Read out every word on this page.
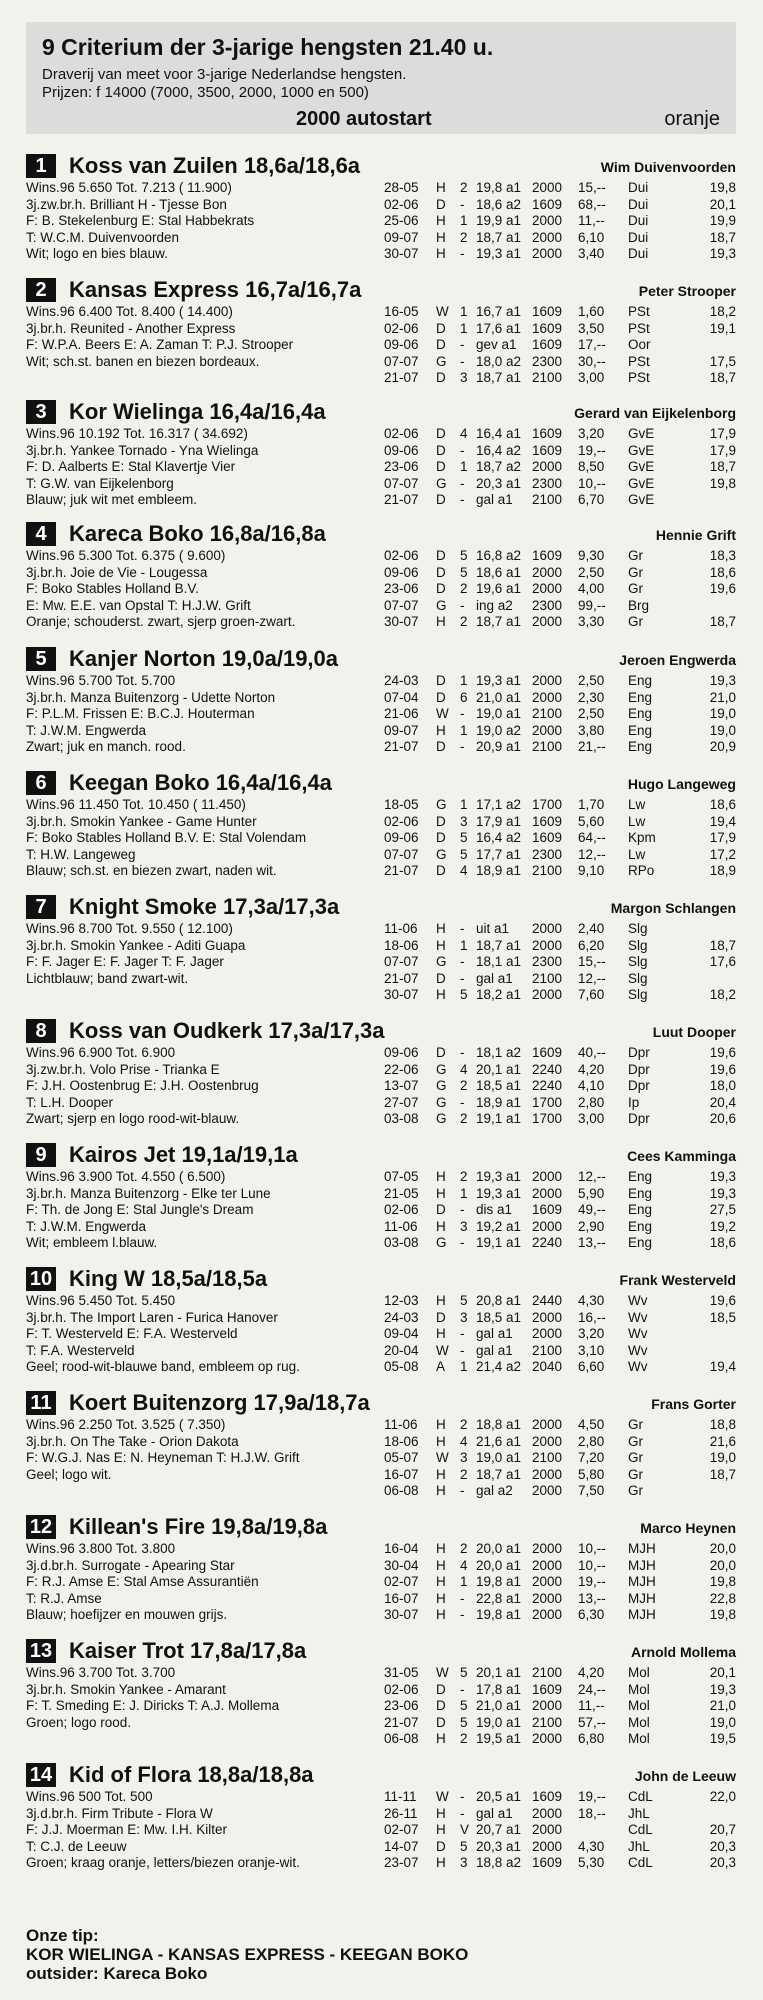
9 Criterium der 3-jarige hengsten 21.40 u.
Draverij van meet voor 3-jarige Nederlandse hengsten.
Prijzen: f 14000 (7000, 3500, 2000, 1000 en 500)
2000 autostart	oranje
1	Koss van Zuilen 18,6a/18,6a	Wim Duivenvoorden
Wins.96 5.650 Tot. 7.213 ( 11.900)
3j.zw.br.h. Brilliant H - Tjesse Bon
F: B. Stekelenburg E: Stal Habbekrats
T: W.C.M. Duivenvoorden
Wit; logo en bies blauw.
28-05 H 2 19,8 a1 2000 15,-- Dui	19,8
02-06 D - 18,6 a2 1609 68,-- Dui	20,1
25-06 H 1 19,9 a1 2000 11,-- Dui	19,9
09-07 H 2 18,7 a1 2000 6,10 Dui	18,7
30-07 H - 19,3 a1 2000 3,40 Dui	19,3
2	Kansas Express 16,7a/16,7a	Peter Strooper
Wins.96 6.400 Tot. 8.400 ( 14.400)
3j.br.h. Reunited - Another Express
F: W.P.A. Beers E: A. Zaman T: P.J. Strooper
Wit; sch.st. banen en biezen bordeaux.
16-05 W 1 16,7 a1 1609 1,60 PSt	18,2
02-06 D 1 17,6 a1 1609 3,50 PSt	19,1
09-06 D - gev a1 1609 17,-- Oor
07-07 G - 18,0 a2 2300 30,-- PSt	17,5
21-07 D 3 18,7 a1 2100 3,00 PSt	18,7
3	Kor Wielinga 16,4a/16,4a	Gerard van Eijkelenborg
Wins.96 10.192 Tot. 16.317 ( 34.692)
3j.br.h. Yankee Tornado - Yna Wielinga
F: D. Aalberts E: Stal Klavertje Vier
T: G.W. van Eijkelenborg
Blauw; juk wit met embleem.
02-06 D 4 16,4 a1 1609 3,20 GvE	17,9
09-06 D - 16,4 a2 1609 19,-- GvE	17,9
23-06 D 1 18,7 a2 2000 8,50 GvE	18,7
07-07 G - 20,3 a1 2300 10,-- GvE	19,8
21-07 D - gal a1 2100 6,70 GvE
4	Kareca Boko 16,8a/16,8a	Hennie Grift
Wins.96 5.300 Tot. 6.375 ( 9.600)
3j.br.h. Joie de Vie - Lougessa
F: Boko Stables Holland B.V.
E: Mw. E.E. van Opstal T: H.J.W. Grift
Oranje; schouderst. zwart, sjerp groen-zwart.
02-06 D 5 16,8 a2 1609 9,30 Gr	18,3
09-06 D 5 18,6 a1 2000 2,50 Gr	18,6
23-06 D 2 19,6 a1 2000 4,00 Gr	19,6
07-07 G - ing a2 2300 99,-- Brg
30-07 H 2 18,7 a1 2000 3,30 Gr	18,7
5	Kanjer Norton 19,0a/19,0a	Jeroen Engwerda
Wins.96 5.700 Tot. 5.700
3j.br.h. Manza Buitenzorg - Udette Norton
F: P.L.M. Frissen E: B.C.J. Houterman
T: J.W.M. Engwerda
Zwart; juk en manch. rood.
24-03 D 1 19,3 a1 2000 2,50 Eng	19,3
07-04 D 6 21,0 a1 2000 2,30 Eng	21,0
21-06 W - 19,0 a1 2100 2,50 Eng	19,0
09-07 H 1 19,0 a2 2000 3,80 Eng	19,0
21-07 D - 20,9 a1 2100 21,-- Eng	20,9
6	Keegan Boko 16,4a/16,4a	Hugo Langeweg
Wins.96 11.450 Tot. 10.450 ( 11.450)
3j.br.h. Smokin Yankee - Game Hunter
F: Boko Stables Holland B.V. E: Stal Volendam
T: H.W. Langeweg
Blauw; sch.st. en biezen zwart, naden wit.
18-05 G 1 17,1 a2 1700 1,70 Lw	18,6
02-06 D 3 17,9 a1 1609 5,60 Lw	19,4
09-06 D 5 16,4 a2 1609 64,-- Kpm	17,9
07-07 G 5 17,7 a1 2300 12,-- Lw	17,2
21-07 D 4 18,9 a1 2100 9,10 RPo	18,9
7	Knight Smoke 17,3a/17,3a	Margon Schlangen
Wins.96 8.700 Tot. 9.550 ( 12.100)
3j.br.h. Smokin Yankee - Aditi Guapa
F: F. Jager E: F. Jager T: F. Jager
Lichtblauw; band zwart-wit.
11-06 H - uit a1 2000 2,40 Slg
18-06 H 1 18,7 a1 2000 6,20 Slg	18,7
07-07 G - 18,1 a1 2300 15,-- Slg	17,6
21-07 D - gal a1 2100 12,-- Slg
30-07 H 5 18,2 a1 2000 7,60 Slg	18,2
8	Koss van Oudkerk 17,3a/17,3a	Luut Dooper
Wins.96 6.900 Tot. 6.900
3j.zw.br.h. Volo Prise - Trianka E
F: J.H. Oostenbrug E: J.H. Oostenbrug
T: L.H. Dooper
Zwart; sjerp en logo rood-wit-blauw.
09-06 D - 18,1 a2 1609 40,-- Dpr	19,6
22-06 G 4 20,1 a1 2240 4,20 Dpr	19,6
13-07 G 2 18,5 a1 2240 4,10 Dpr	18,0
27-07 G - 18,9 a1 1700 2,80 Ip	20,4
03-08 G 2 19,1 a1 1700 3,00 Dpr	20,6
9	Kairos Jet 19,1a/19,1a	Cees Kamminga
Wins.96 3.900 Tot. 4.550 ( 6.500)
3j.br.h. Manza Buitenzorg - Elke ter Lune
F: Th. de Jong E: Stal Jungle's Dream
T: J.W.M. Engwerda
Wit; embleem l.blauw.
07-05 H 2 19,3 a1 2000 12,-- Eng	19,3
21-05 H 1 19,3 a1 2000 5,90 Eng	19,3
02-06 D - dis a1 1609 49,-- Eng	27,5
11-06 H 3 19,2 a1 2000 2,90 Eng	19,2
03-08 G - 19,1 a1 2240 13,-- Eng	18,6
10 King W 18,5a/18,5a	Frank Westerveld
Wins.96 5.450 Tot. 5.450
3j.br.h. The Import Laren - Furica Hanover
F: T. Westerveld E: F.A. Westerveld
T: F.A. Westerveld
Geel; rood-wit-blauwe band, embleem op rug.
12-03 H 5 20,8 a1 2440 4,30 Wv	19,6
24-03 D 3 18,5 a1 2000 16,-- Wv	18,5
09-04 H - gal a1 2000 3,20 Wv
20-04 W - gal a1 2100 3,10 Wv
05-08 A 1 21,4 a2 2040 6,60 Wv	19,4
11 Koert Buitenzorg 17,9a/18,7a	Frans Gorter
Wins.96 2.250 Tot. 3.525 ( 7.350)
3j.br.h. On The Take - Orion Dakota
F: W.G.J. Nas E: N. Heyneman T: H.J.W. Grift
Geel; logo wit.
11-06 H 2 18,8 a1 2000 4,50 Gr	18,8
18-06 H 4 21,6 a1 2000 2,80 Gr	21,6
05-07 W 3 19,0 a1 2100 7,20 Gr	19,0
16-07 H 2 18,7 a1 2000 5,80 Gr	18,7
06-08 H - gal a2 2000 7,50 Gr
12 Killean's Fire 19,8a/19,8a	Marco Heynen
Wins.96 3.800 Tot. 3.800
3j.d.br.h. Surrogate - Apearing Star
F: R.J. Amse E: Stal Amse Assurantiën
T: R.J. Amse
Blauw; hoefijzer en mouwen grijs.
16-04 H 2 20,0 a1 2000 10,-- MJH	20,0
30-04 H 4 20,0 a1 2000 10,-- MJH	20,0
02-07 H 1 19,8 a1 2000 19,-- MJH	19,8
16-07 H - 22,8 a1 2000 13,-- MJH	22,8
30-07 H - 19,8 a1 2000 6,30 MJH	19,8
13 Kaiser Trot 17,8a/17,8a	Arnold Mollema
Wins.96 3.700 Tot. 3.700
3j.br.h. Smokin Yankee - Amarant
F: T. Smeding E: J. Diricks T: A.J. Mollema
Groen; logo rood.
31-05 W 5 20,1 a1 2100 4,20 Mol	20,1
02-06 D - 17,8 a1 1609 24,-- Mol	19,3
23-06 D 5 21,0 a1 2000 11,-- Mol	21,0
21-07 D 5 19,0 a1 2100 57,-- Mol	19,0
06-08 H 2 19,5 a1 2000 6,80 Mol	19,5
14 Kid of Flora 18,8a/18,8a	John de Leeuw
Wins.96 500 Tot. 500
3j.d.br.h. Firm Tribute - Flora W
F: J.J. Moerman E: Mw. I.H. Kilter
T: C.J. de Leeuw
Groen; kraag oranje, letters/biezen oranje-wit.
11-11 W - 20,5 a1 1609 19,-- CdL	22,0
26-11 H - gal a1 2000 18,-- JhL
02-07 H V 20,7 a1 2000	CdL	20,7
14-07 D 5 20,3 a1 2000 4,30 JhL	20,3
23-07 H 3 18,8 a2 1609 5,30 CdL	20,3
Onze tip:
KOR WIELINGA - KANSAS EXPRESS - KEEGAN BOKO
outsider: Kareca Boko
